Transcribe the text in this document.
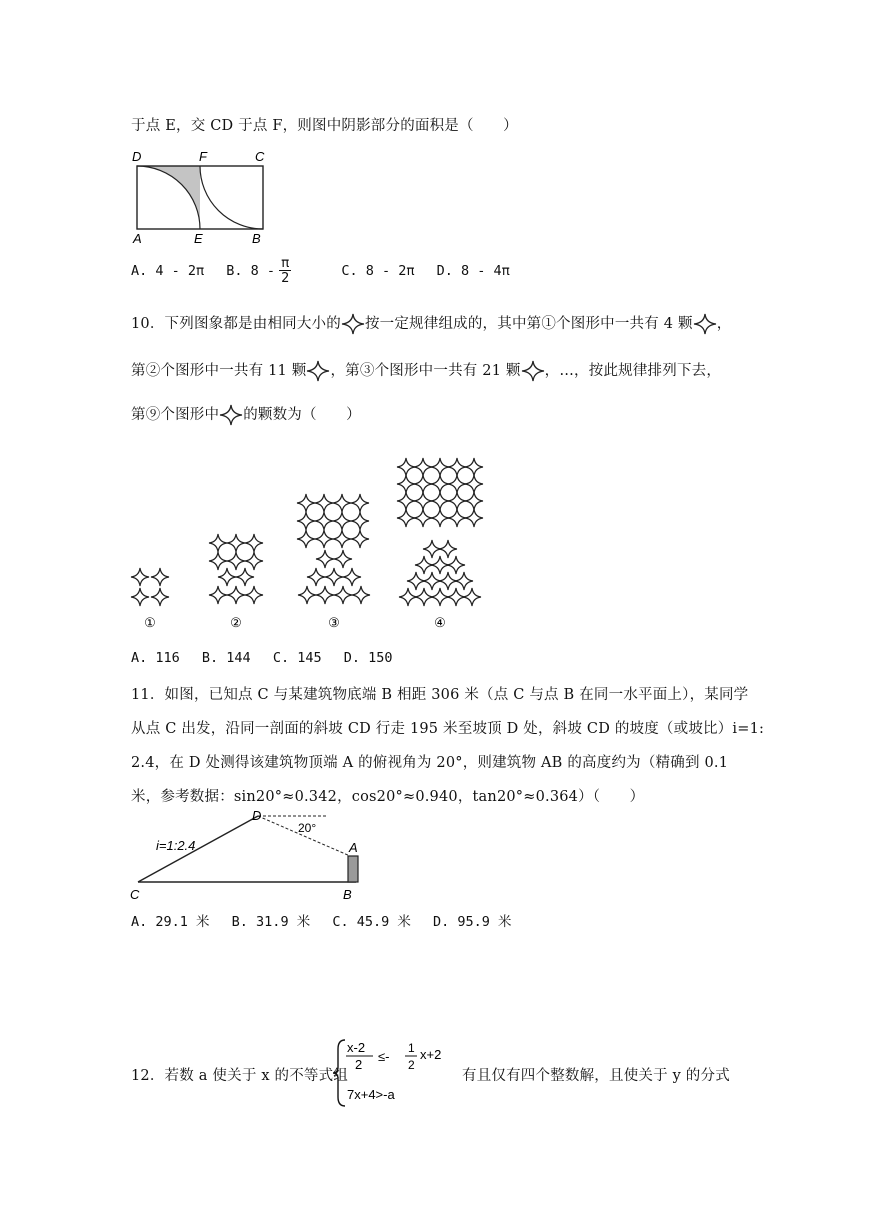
于点 E，交 CD 于点 F，则图中阴影部分的面积是（　　）
D	F	C
A	E	B
A. 4 - 2π B. $8 - \frac{\pi}{2}$	C. 8 - 2π D. 8 - 4π
10．下列图象都是由相同大小的 按一定规律组成的，其中第①个图形中一共有 4 颗 ，
第②个图形中一共有 11 颗 ，第③个图形中一共有 21 颗 ，…，按此规律排列下去，
第⑨个图形中 的颗数为（　　）
①	②	③	④
A. 116 B. 144 C. 145 D. 150
11．如图，已知点 C 与某建筑物底端 B 相距 306 米（点 C 与点 B 在同一水平面上），某同学
从点 C 出发，沿同一剖面的斜坡 CD 行走 195 米至坡顶 D 处，斜坡 CD 的坡度（或坡比）i=1:
2.4，在 D 处测得该建筑物顶端 A 的俯视角为 20°，则建筑物 AB 的高度约为（精确到 0.1
米，参考数据：sin20°≈0.342，cos20°≈0.940，tan20°≈0.364）（　　）
D
A
B
C
i=1:2.4
20°
A. 29.1 米 B. 31.9 米 C. 45.9 米 D. 95.9 米
12．若数 a 使关于 x 的不等式组
x-2
2
≤-
1
2
x+2
7x+4>-a
有且仅有四个整数解，且使关于 y 的分式
